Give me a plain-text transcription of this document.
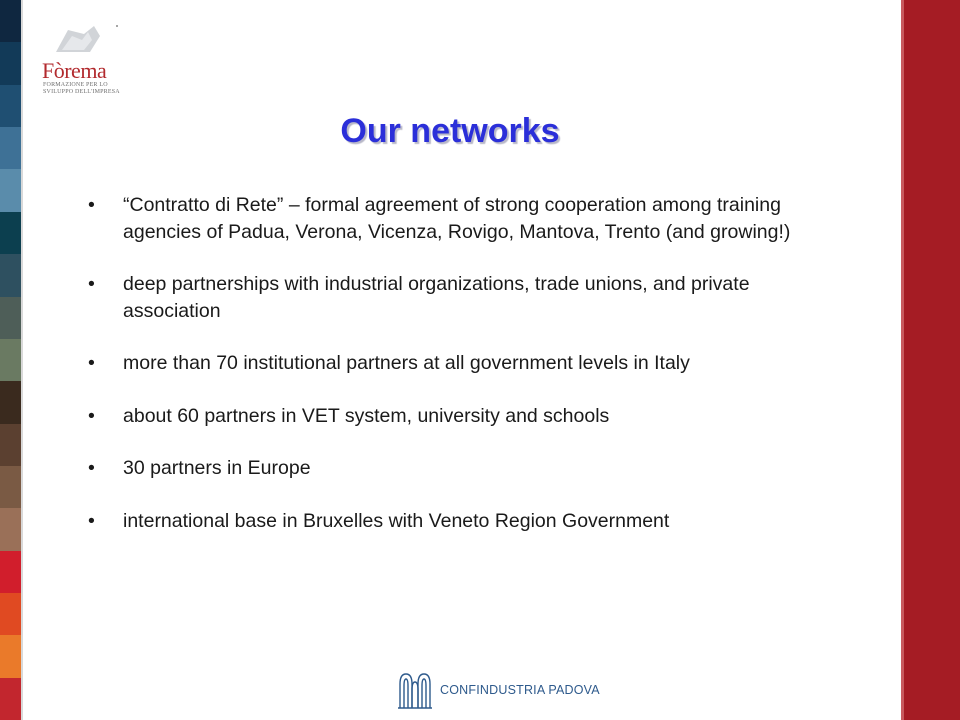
Fòrema
FORMAZIONE PER LO
SVILUPPO DELL'IMPRESA
Our networks
• “Contratto di Rete” – formal agreement of strong cooperation among training agencies of Padua, Verona, Vicenza, Rovigo, Mantova, Trento (and growing!)
• deep partnerships with industrial organizations, trade unions, and private association
• more than 70 institutional partners at all government levels in Italy
• about 60 partners in VET system, university and schools
• 30 partners in Europe
• international base in Bruxelles with Veneto Region Government
CONFINDUSTRIA PADOVA
